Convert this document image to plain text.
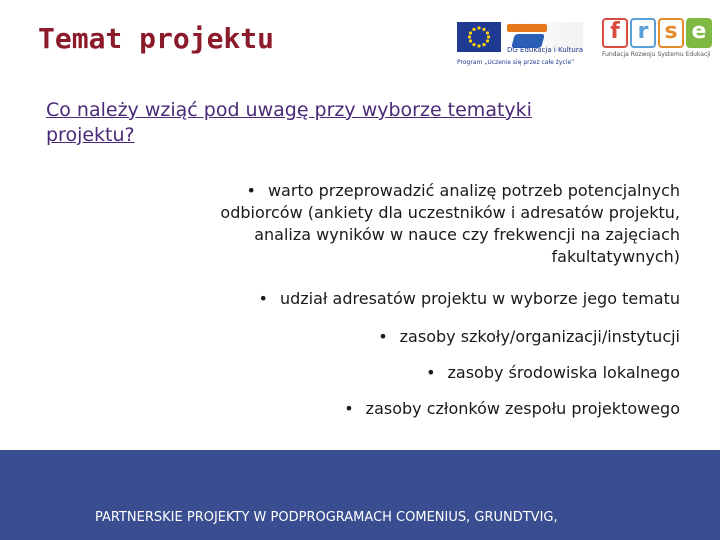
Temat projektu	DG Edukacja i Kultura
Program „Uczenie się przez całe życie”
f r s e
Fundacja Rozwoju Systemu Edukacji
Co należy wziąć pod uwagę przy wyborze tematyki projektu?
• warto przeprowadzić analizę potrzeb potencjalnych odbiorców (ankiety dla uczestników i adresatów projektu, analiza wyników w nauce czy frekwencji na zajęciach fakultatywnych)
• udział adresatów projektu w wyborze jego tematu
• zasoby szkoły/organizacji/instytucji
• zasoby środowiska lokalnego
• zasoby członków zespołu projektowego
PARTNERSKIE PROJEKTY W PODPROGRAMACH COMENIUS, GRUNDTVIG,
